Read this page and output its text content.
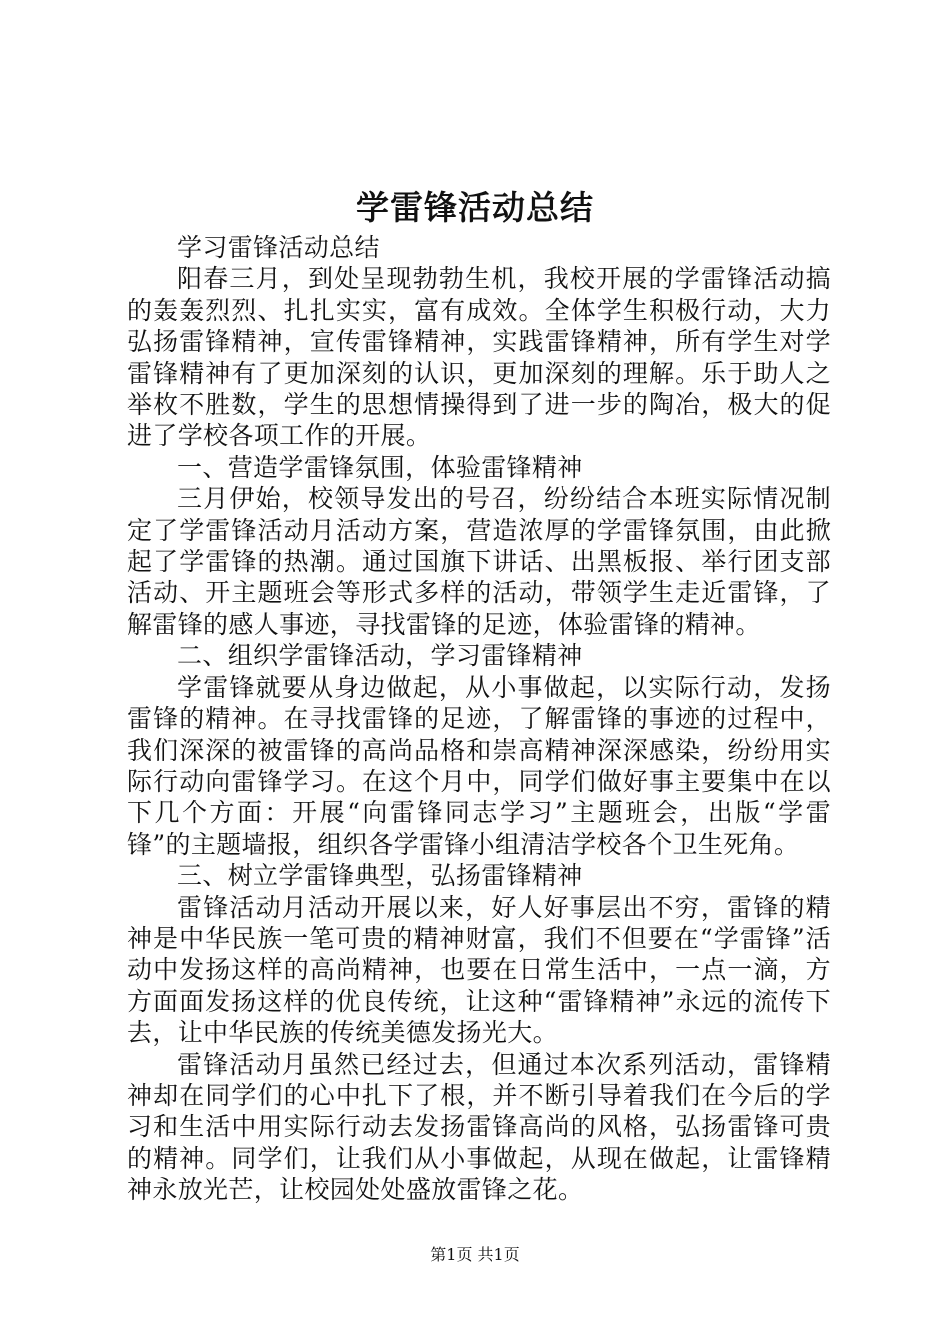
学雷锋活动总结

学习雷锋活动总结

阳春三月，到处呈现勃勃生机，我校开展的学雷锋活动搞的轰轰烈烈、扎扎实实，富有成效。全体学生积极行动，大力弘扬雷锋精神，宣传雷锋精神，实践雷锋精神，所有学生对学雷锋精神有了更加深刻的认识，更加深刻的理解。乐于助人之举枚不胜数，学生的思想情操得到了进一步的陶冶，极大的促进了学校各项工作的开展。

一、营造学雷锋氛围，体验雷锋精神

三月伊始，校领导发出的号召，纷纷结合本班实际情况制定了学雷锋活动月活动方案，营造浓厚的学雷锋氛围，由此掀起了学雷锋的热潮。通过国旗下讲话、出黑板报、举行团支部活动、开主题班会等形式多样的活动，带领学生走近雷锋，了解雷锋的感人事迹，寻找雷锋的足迹，体验雷锋的精神。

二、组织学雷锋活动，学习雷锋精神

学雷锋就要从身边做起，从小事做起，以实际行动，发扬雷锋的精神。在寻找雷锋的足迹，了解雷锋的事迹的过程中，我们深深的被雷锋的高尚品格和崇高精神深深感染，纷纷用实际行动向雷锋学习。在这个月中，同学们做好事主要集中在以下几个方面：开展“向雷锋同志学习”主题班会，出版“学雷锋”的主题墙报，组织各学雷锋小组清洁学校各个卫生死角。

三、树立学雷锋典型，弘扬雷锋精神

雷锋活动月活动开展以来，好人好事层出不穷，雷锋的精神是中华民族一笔可贵的精神财富，我们不但要在“学雷锋”活动中发扬这样的高尚精神，也要在日常生活中，一点一滴，方方面面发扬这样的优良传统，让这种“雷锋精神”永远的流传下去，让中华民族的传统美德发扬光大。

雷锋活动月虽然已经过去，但通过本次系列活动，雷锋精神却在同学们的心中扎下了根，并不断引导着我们在今后的学习和生活中用实际行动去发扬雷锋高尚的风格，弘扬雷锋可贵的精神。同学们，让我们从小事做起，从现在做起，让雷锋精神永放光芒，让校园处处盛放雷锋之花。

第1页 共1页
